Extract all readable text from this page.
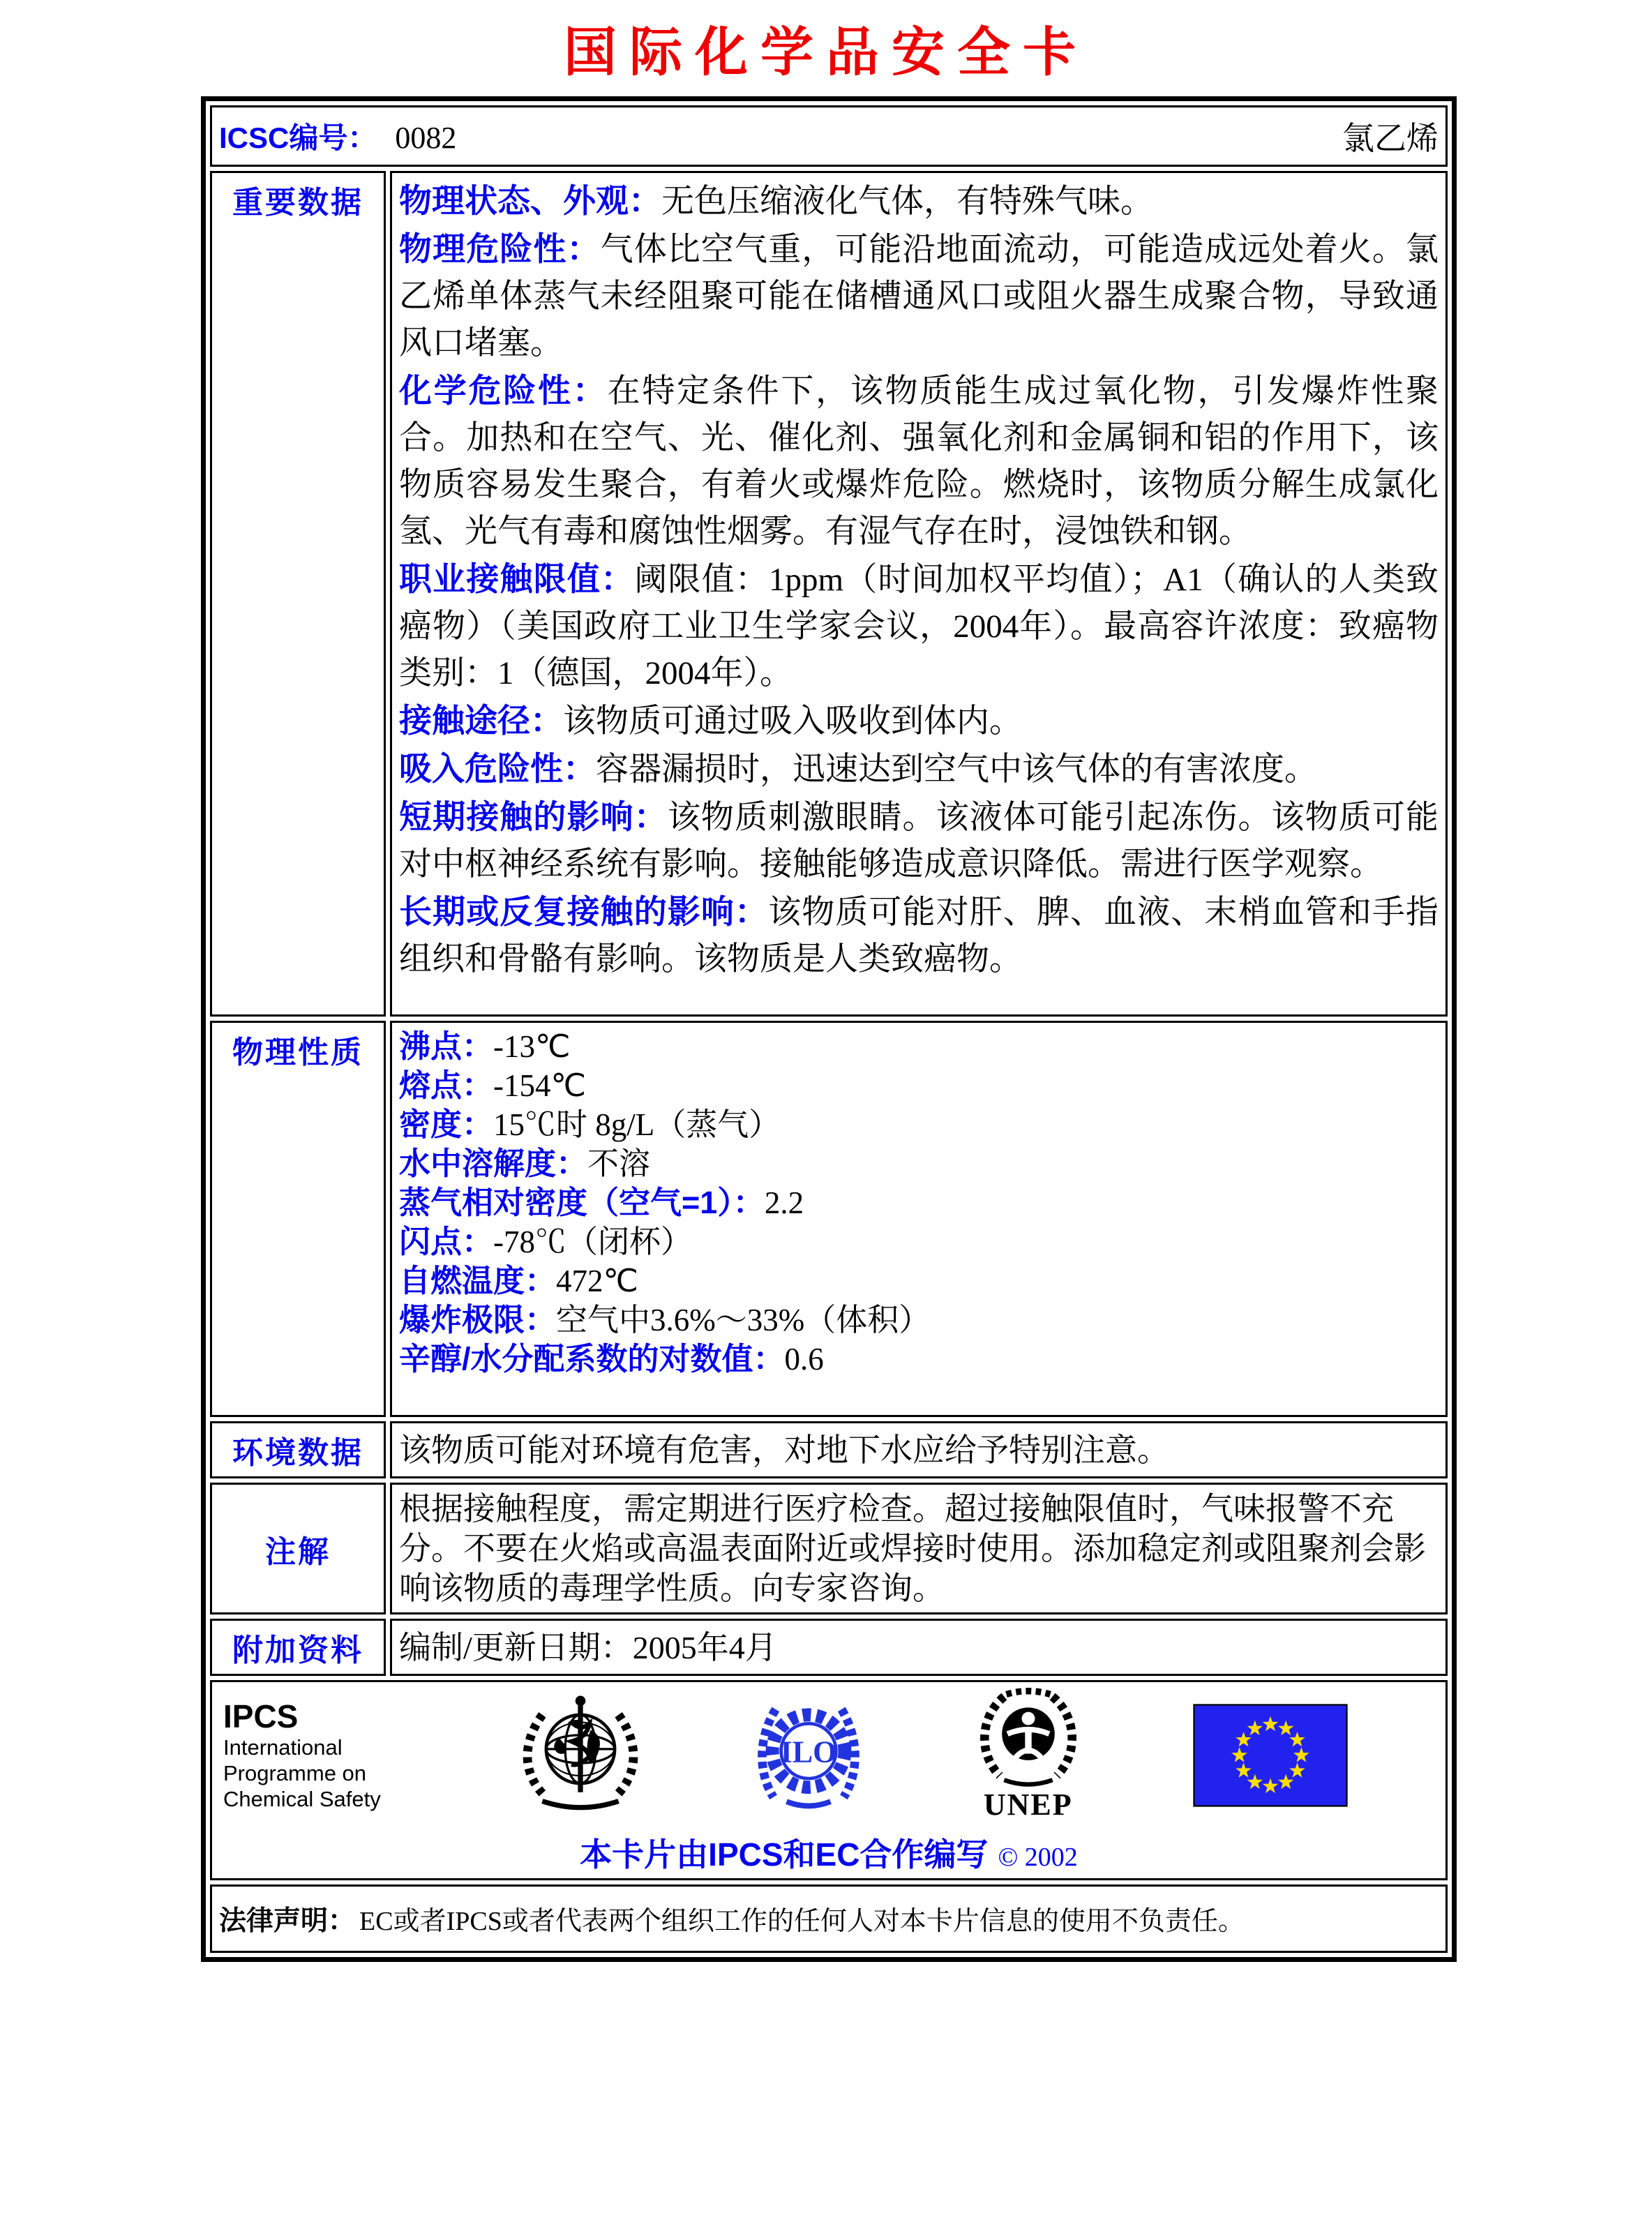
国际化学品安全卡
ICSC编号： 0082 氯乙烯	

重要数据	物理状态、外观：无色压缩液化气体，有特殊气味。

物理危险性：气体比空气重，可能沿地面流动，可能造成远处着火。氯乙烯单体蒸气未经阻聚可能在储槽通风口或阻火器生成聚合物，导致通风口堵塞。

化学危险性：在特定条件下，该物质能生成过氧化物，引发爆炸性聚合。加热和在空气、光、催化剂、强氧化剂和金属铜和铝的作用下，该物质容易发生聚合，有着火或爆炸危险。燃烧时，该物质分解生成氯化氢、光气有毒和腐蚀性烟雾。有湿气存在时，浸蚀铁和钢。

职业接触限值：阈限值：1ppm（时间加权平均值）；A1（确认的人类致癌物）（美国政府工业卫生学家会议，2004年）。最高容许浓度：致癌物类别：1（德国，2004年）。

接触途径：该物质可通过吸入吸收到体内。

吸入危险性：容器漏损时，迅速达到空气中该气体的有害浓度。

短期接触的影响：该物质刺激眼睛。该液体可能引起冻伤。该物质可能对中枢神经系统有影响。接触能够造成意识降低。需进行医学观察。

长期或反复接触的影响：该物质可能对肝、脾、血液、末梢血管和手指组织和骨骼有影响。该物质是人类致癌物。

物理性质	沸点：-13℃

熔点：-154℃

密度：15℃时 8g/L（蒸气）

水中溶解度：不溶

蒸气相对密度（空气=1）：2.2

闪点：-78℃（闭杯）

自燃温度：472℃

爆炸极限：空气中3.6%～33%（体积）

辛醇/水分配系数的对数值：0.6

环境数据	该物质可能对环境有危害，对地下水应给予特别注意。

注解	根据接触程度，需定期进行医疗检查。超过接触限值时，气味报警不充分。不要在火焰或高温表面附近或焊接时使用。添加稳定剂或阻聚剂会影响该物质的毒理学性质。向专家咨询。

附加资料	编制/更新日期：2005年4月

IPCS
International
Programme on
Chemical Safety
ILO
UNEP
本卡片由IPCS和EC合作编写 © 2002

法律声明： EC或者IPCS或者代表两个组织工作的任何人对本卡片信息的使用不负责任。	
